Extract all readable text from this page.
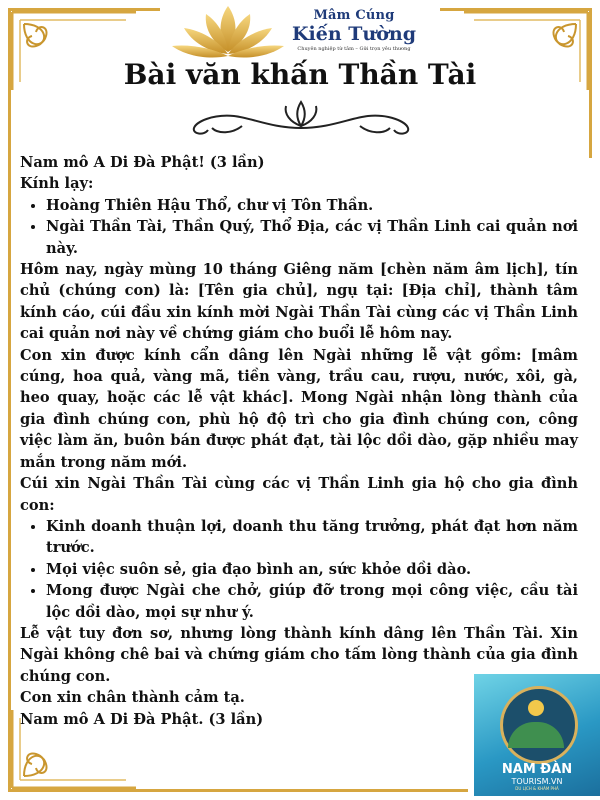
Mâm Cúng
Kiến Tường
Chuyên nghiệp từ tâm – Gửi trọn yêu thương
Bài văn khấn Thần Tài

Nam mô A Di Đà Phật! (3 lần)

Kính lạy:

• Hoàng Thiên Hậu Thổ, chư vị Tôn Thần.
• Ngài Thần Tài, Thần Quý, Thổ Địa, các vị Thần Linh cai quản nơi này.

Hôm nay, ngày mùng 10 tháng Giêng năm [chèn năm âm lịch], tín chủ (chúng con) là: [Tên gia chủ], ngụ tại: [Địa chỉ], thành tâm kính cáo, cúi đầu xin kính mời Ngài Thần Tài cùng các vị Thần Linh cai quản nơi này về chứng giám cho buổi lễ hôm nay.

Con xin được kính cẩn dâng lên Ngài những lễ vật gồm: [mâm cúng, hoa quả, vàng mã, tiền vàng, trầu cau, rượu, nước, xôi, gà, heo quay, hoặc các lễ vật khác]. Mong Ngài nhận lòng thành của gia đình chúng con, phù hộ độ trì cho gia đình chúng con, công việc làm ăn, buôn bán được phát đạt, tài lộc dồi dào, gặp nhiều may mắn trong năm mới.

Cúi xin Ngài Thần Tài cùng các vị Thần Linh gia hộ cho gia đình con:

• Kinh doanh thuận lợi, doanh thu tăng trưởng, phát đạt hơn năm trước.
• Mọi việc suôn sẻ, gia đạo bình an, sức khỏe dồi dào.
• Mong được Ngài che chở, giúp đỡ trong mọi công việc, cầu tài lộc dồi dào, mọi sự như ý.

Lễ vật tuy đơn sơ, nhưng lòng thành kính dâng lên Thần Tài. Xin Ngài không chê bai và chứng giám cho tấm lòng thành của gia đình chúng con.

Con xin chân thành cảm tạ.

Nam mô A Di Đà Phật. (3 lần)

NAM ĐÀN
TOURISM.VN
DU LỊCH & KHÁM PHÁ
